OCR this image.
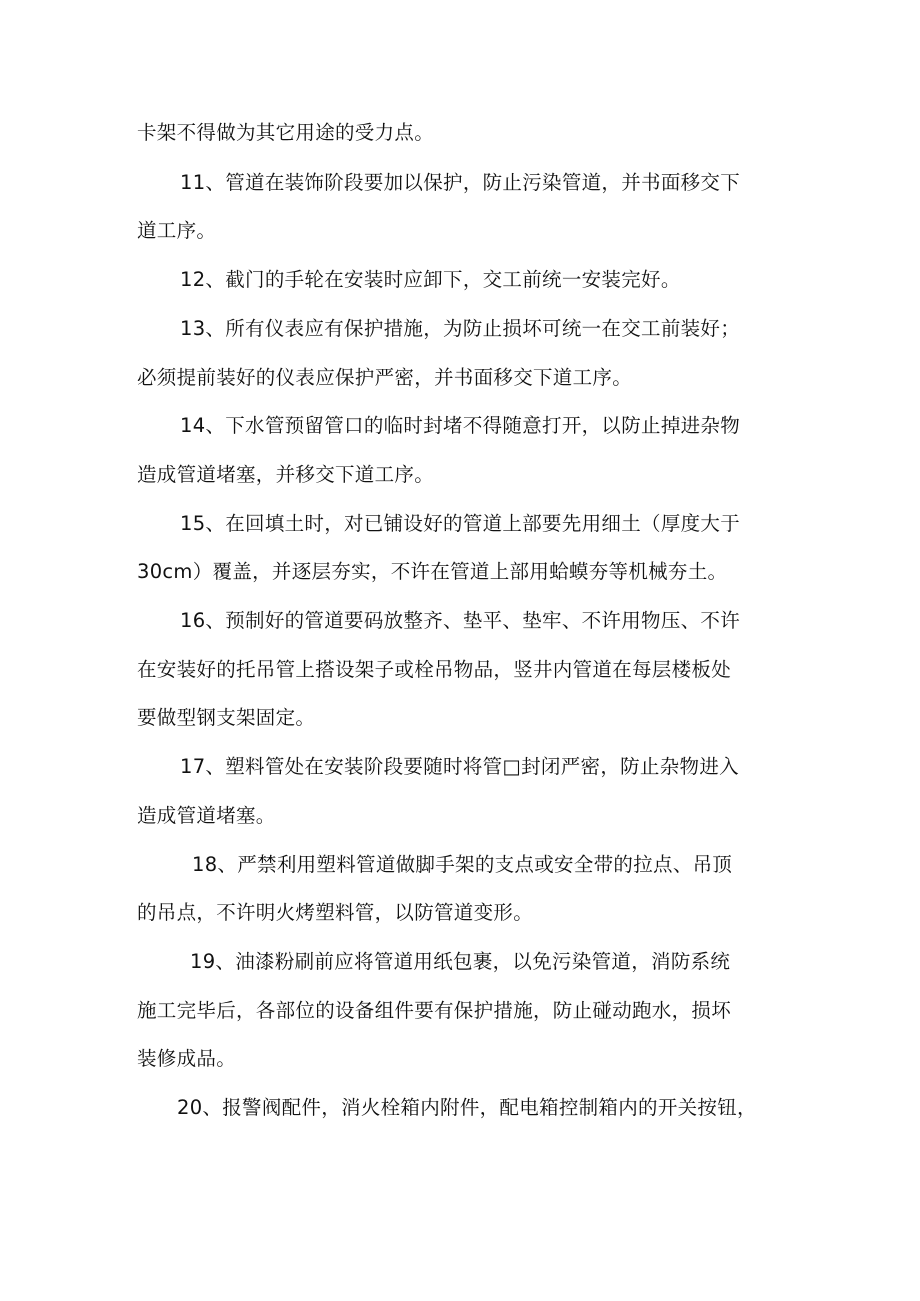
卡架不得做为其它用途的受力点。
11、管道在装饰阶段要加以保护，防止污染管道，并书面移交下
道工序。
12、截门的手轮在安装时应卸下，交工前统一安装完好。
13、所有仪表应有保护措施，为防止损坏可统一在交工前装好；
必须提前装好的仪表应保护严密，并书面移交下道工序。
14、下水管预留管口的临时封堵不得随意打开，以防止掉进杂物
造成管道堵塞，并移交下道工序。
15、在回填土时，对已铺设好的管道上部要先用细土（厚度大于
30cm）覆盖，并逐层夯实，不许在管道上部用蛤蟆夯等机械夯土。
16、预制好的管道要码放整齐、垫平、垫牢、不许用物压、不许
在安装好的托吊管上搭设架子或栓吊物品，竖井内管道在每层楼板处
要做型钢支架固定。
17、塑料管处在安装阶段要随时将管□封闭严密，防止杂物进入
造成管道堵塞。
18、严禁利用塑料管道做脚手架的支点或安全带的拉点、吊顶
的吊点，不许明火烤塑料管，以防管道变形。
19、油漆粉刷前应将管道用纸包裹，以免污染管道，消防系统
施工完毕后，各部位的设备组件要有保护措施，防止碰动跑水，损坏
装修成品。
20、报警阀配件，消火栓箱内附件，配电箱控制箱内的开关按钮，
